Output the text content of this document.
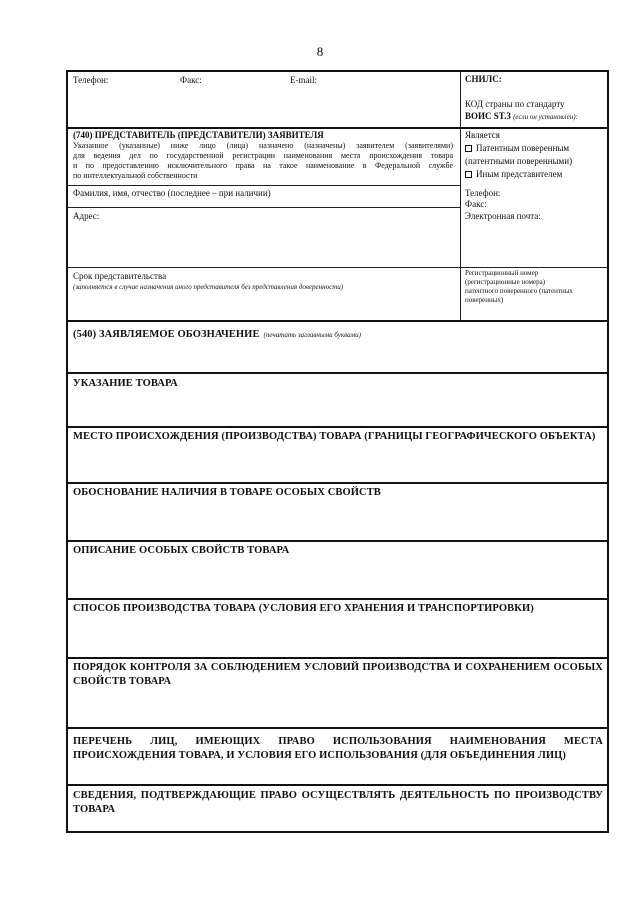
8
Телефон:	Факс:	E-mail:	СНИЛС:
КОД страны по стандарту
ВОИС ST.3 (если он установлен):
(740) ПРЕДСТАВИТЕЛЬ (ПРЕДСТАВИТЕЛИ) ЗАЯВИТЕЛЯ
Указанное (указанные) ниже лицо (лица) назначено (назначены) заявителем (заявителями)
для ведения дел по государственной регистрации наименования места происхождения товара
и по предоставлению исключительного права на такое наименование в Федеральной службе
по интеллектуальной собственности
Является
Патентным поверенным
(патентными поверенными)
Иным представителем
Фамилия, имя, отчество (последнее – при наличии)
Адрес:
Телефон:
Факс:
Электронная почта:
Срок представительства
(заполняется в случае назначения иного представителя без представления доверенности)
Регистрационный номер
(регистрационные номера)
патентного поверенного (патентных
поверенных)
(540) ЗАЯВЛЯЕМОЕ ОБОЗНАЧЕНИЕ (печатать заглавными буквами)
УКАЗАНИЕ ТОВАРА
МЕСТО ПРОИСХОЖДЕНИЯ (ПРОИЗВОДСТВА) ТОВАРА (ГРАНИЦЫ ГЕОГРАФИЧЕСКОГО ОБЪЕКТА)
ОБОСНОВАНИЕ НАЛИЧИЯ В ТОВАРЕ ОСОБЫХ СВОЙСТВ
ОПИСАНИЕ ОСОБЫХ СВОЙСТВ ТОВАРА
СПОСОБ ПРОИЗВОДСТВА ТОВАРА (УСЛОВИЯ ЕГО ХРАНЕНИЯ И ТРАНСПОРТИРОВКИ)
ПОРЯДОК КОНТРОЛЯ ЗА СОБЛЮДЕНИЕМ УСЛОВИЙ ПРОИЗВОДСТВА И СОХРАНЕНИЕМ ОСОБЫХ
СВОЙСТВ ТОВАРА
ПЕРЕЧЕНЬ ЛИЦ, ИМЕЮЩИХ ПРАВО ИСПОЛЬЗОВАНИЯ НАИМЕНОВАНИЯ МЕСТА
ПРОИСХОЖДЕНИЯ ТОВАРА, И УСЛОВИЯ ЕГО ИСПОЛЬЗОВАНИЯ (ДЛЯ ОБЪЕДИНЕНИЯ ЛИЦ)
СВЕДЕНИЯ, ПОДТВЕРЖДАЮЩИЕ ПРАВО ОСУЩЕСТВЛЯТЬ ДЕЯТЕЛЬНОСТЬ ПО ПРОИЗВОДСТВУ
ТОВАРА
